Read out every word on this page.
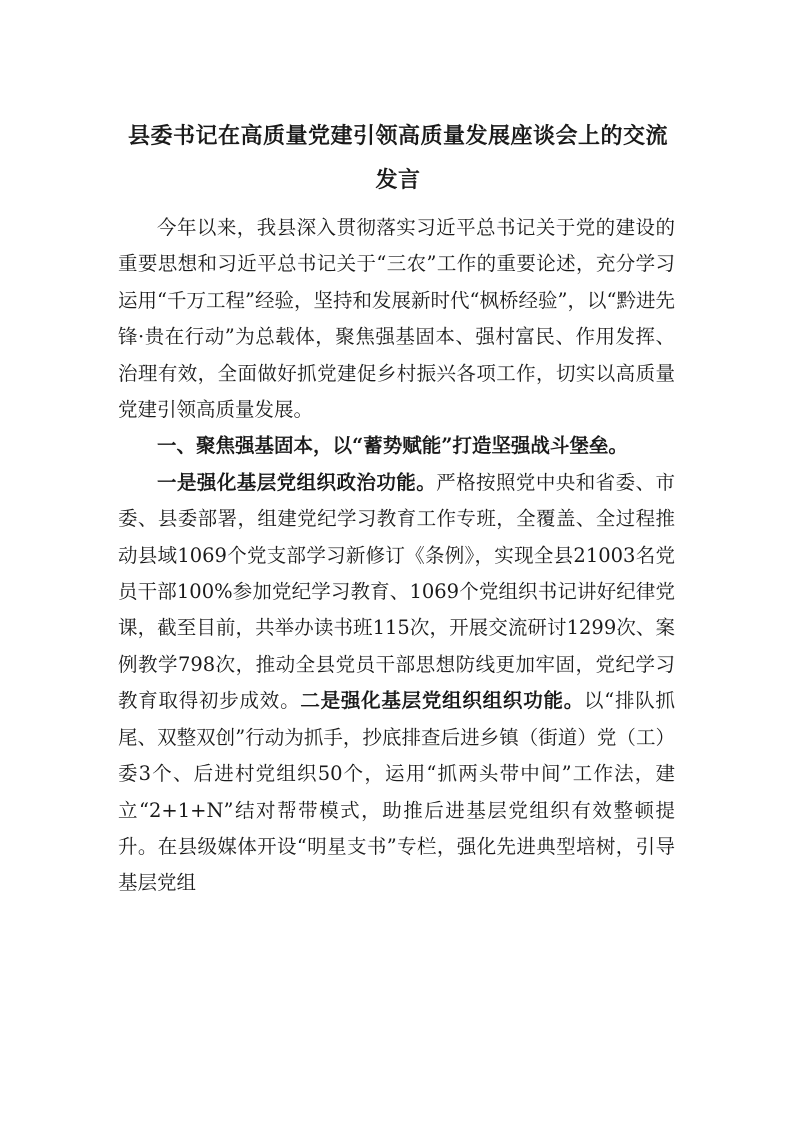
县委书记在高质量党建引领高质量发展座谈会上的交流发言

今年以来，我县深入贯彻落实习近平总书记关于党的建设的重要思想和习近平总书记关于“三农”工作的重要论述，充分学习运用“千万工程”经验，坚持和发展新时代“枫桥经验”，以“黔进先锋·贵在行动”为总载体，聚焦强基固本、强村富民、作用发挥、治理有效，全面做好抓党建促乡村振兴各项工作，切实以高质量党建引领高质量发展。

一、聚焦强基固本，以“蓄势赋能”打造坚强战斗堡垒。

一是强化基层党组织政治功能。严格按照党中央和省委、市委、县委部署，组建党纪学习教育工作专班，全覆盖、全过程推动县域1069个党支部学习新修订《条例》，实现全县21003名党员干部100%参加党纪学习教育、1069个党组织书记讲好纪律党课，截至目前，共举办读书班115次，开展交流研讨1299次、案例教学798次，推动全县党员干部思想防线更加牢固，党纪学习教育取得初步成效。二是强化基层党组织组织功能。以“排队抓尾、双整双创”行动为抓手，抄底排查后进乡镇（街道）党（工）委3个、后进村党组织50个，运用“抓两头带中间”工作法，建立“2+1+N”结对帮带模式，助推后进基层党组织有效整顿提升。在县级媒体开设“明星支书”专栏，强化先进典型培树，引导基层党组
